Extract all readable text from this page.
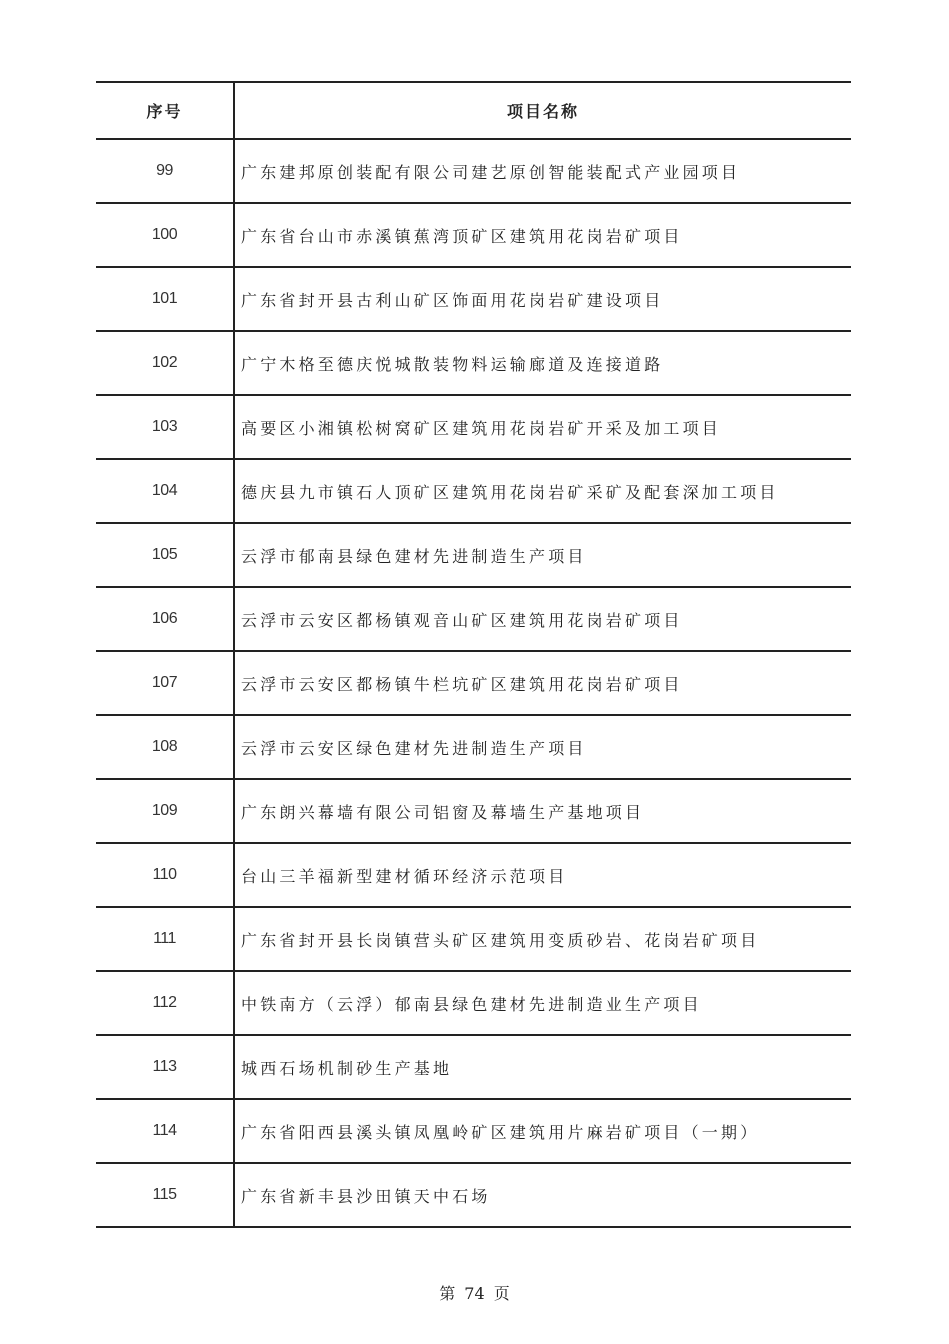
序号	项目名称
99	广东建邦原创装配有限公司建艺原创智能装配式产业园项目
100	广东省台山市赤溪镇蕉湾顶矿区建筑用花岗岩矿项目
101	广东省封开县古利山矿区饰面用花岗岩矿建设项目
102	广宁木格至德庆悦城散装物料运输廊道及连接道路
103	高要区小湘镇松树窝矿区建筑用花岗岩矿开采及加工项目
104	德庆县九市镇石人顶矿区建筑用花岗岩矿采矿及配套深加工项目
105	云浮市郁南县绿色建材先进制造生产项目
106	云浮市云安区都杨镇观音山矿区建筑用花岗岩矿项目
107	云浮市云安区都杨镇牛栏坑矿区建筑用花岗岩矿项目
108	云浮市云安区绿色建材先进制造生产项目
109	广东朗兴幕墙有限公司铝窗及幕墙生产基地项目
110	台山三羊福新型建材循环经济示范项目
111	广东省封开县长岗镇营头矿区建筑用变质砂岩、花岗岩矿项目
112	中铁南方（云浮）郁南县绿色建材先进制造业生产项目
113	城西石场机制砂生产基地
114	广东省阳西县溪头镇凤凰岭矿区建筑用片麻岩矿项目（一期）
115	广东省新丰县沙田镇天中石场
第 74 页
